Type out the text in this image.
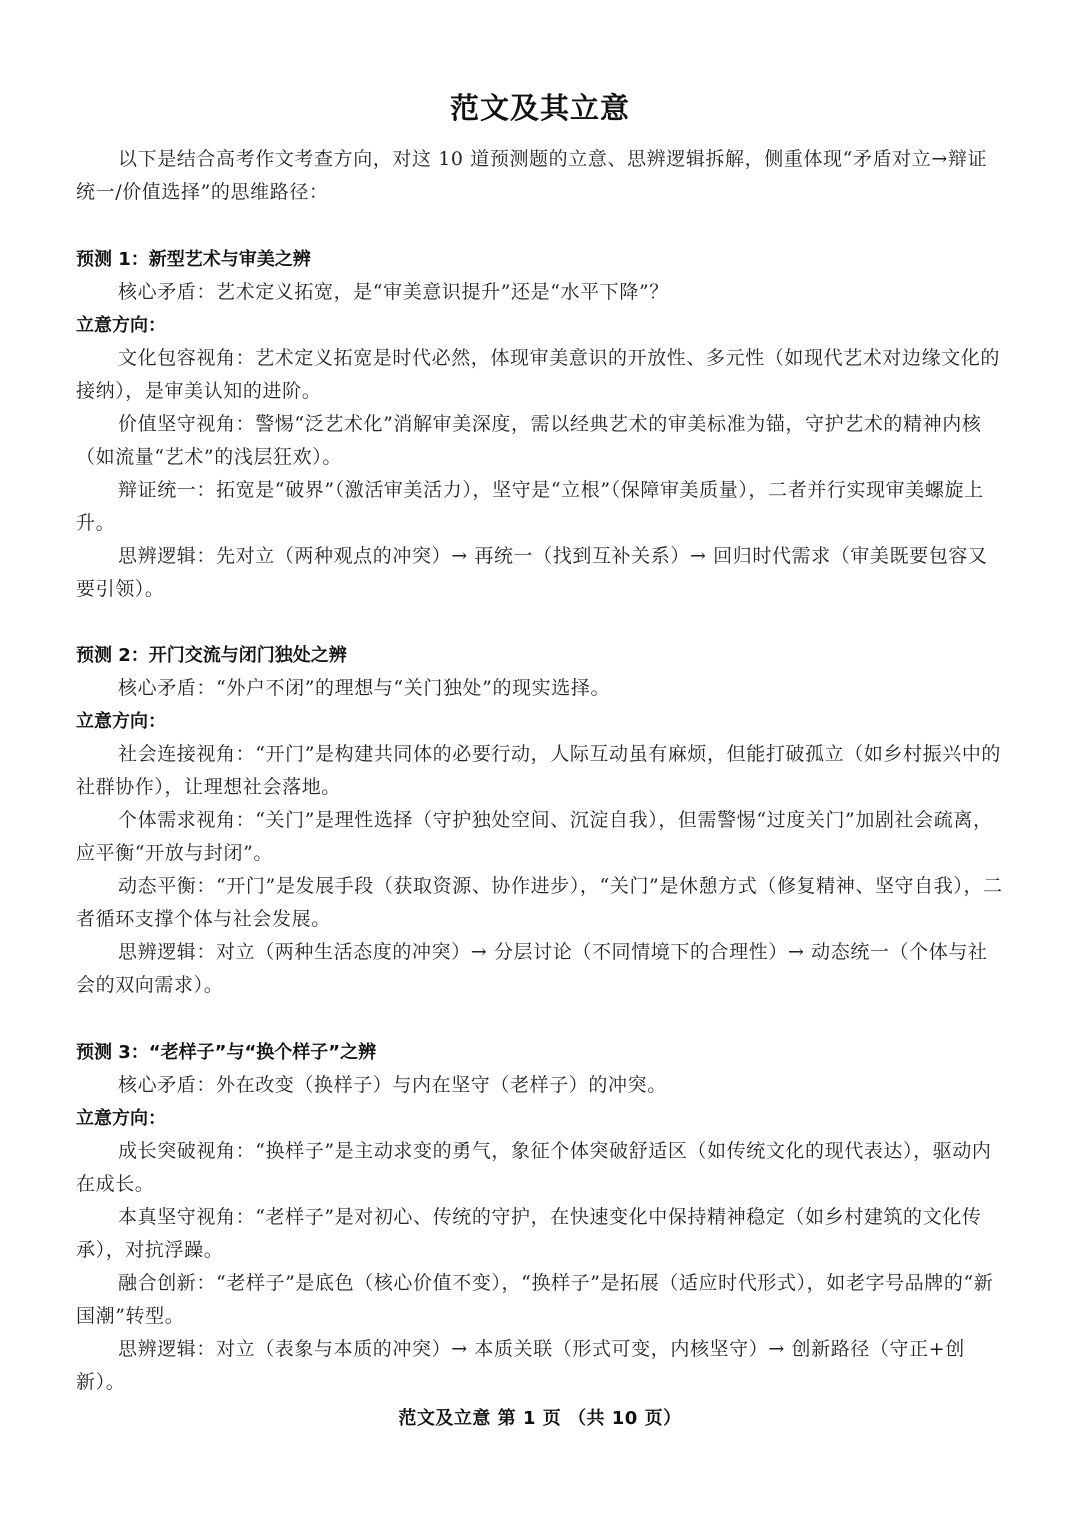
范文及其立意

以下是结合高考作文考查方向，对这 10 道预测题的立意、思辨逻辑拆解，侧重体现“矛盾对立→辩证统一/价值选择”的思维路径：

预测 1：新型艺术与审美之辨

核心矛盾：艺术定义拓宽，是“审美意识提升”还是“水平下降”？

立意方向：

文化包容视角：艺术定义拓宽是时代必然，体现审美意识的开放性、多元性（如现代艺术对边缘文化的接纳），是审美认知的进阶。

价值坚守视角：警惕“泛艺术化”消解审美深度，需以经典艺术的审美标准为锚，守护艺术的精神内核（如流量“艺术”的浅层狂欢）。

辩证统一：拓宽是“破界”（激活审美活力），坚守是“立根”（保障审美质量），二者并行实现审美螺旋上升。

思辨逻辑：先对立（两种观点的冲突）→ 再统一（找到互补关系）→ 回归时代需求（审美既要包容又要引领）。

预测 2：开门交流与闭门独处之辨

核心矛盾：“外户不闭”的理想与“关门独处”的现实选择。

立意方向：

社会连接视角：“开门”是构建共同体的必要行动，人际互动虽有麻烦，但能打破孤立（如乡村振兴中的社群协作），让理想社会落地。

个体需求视角：“关门”是理性选择（守护独处空间、沉淀自我），但需警惕“过度关门”加剧社会疏离，应平衡“开放与封闭”。

动态平衡：“开门”是发展手段（获取资源、协作进步），“关门”是休憩方式（修复精神、坚守自我），二者循环支撑个体与社会发展。

思辨逻辑：对立（两种生活态度的冲突）→ 分层讨论（不同情境下的合理性）→ 动态统一（个体与社会的双向需求）。

预测 3：“老样子”与“换个样子”之辨

核心矛盾：外在改变（换样子）与内在坚守（老样子）的冲突。

立意方向：

成长突破视角：“换样子”是主动求变的勇气，象征个体突破舒适区（如传统文化的现代表达），驱动内在成长。

本真坚守视角：“老样子”是对初心、传统的守护，在快速变化中保持精神稳定（如乡村建筑的文化传承），对抗浮躁。

融合创新：“老样子”是底色（核心价值不变），“换样子”是拓展（适应时代形式），如老字号品牌的“新国潮”转型。

思辨逻辑：对立（表象与本质的冲突）→ 本质关联（形式可变，内核坚守）→ 创新路径（守正+创新）。

范文及立意 第 1 页 （共 10 页）
